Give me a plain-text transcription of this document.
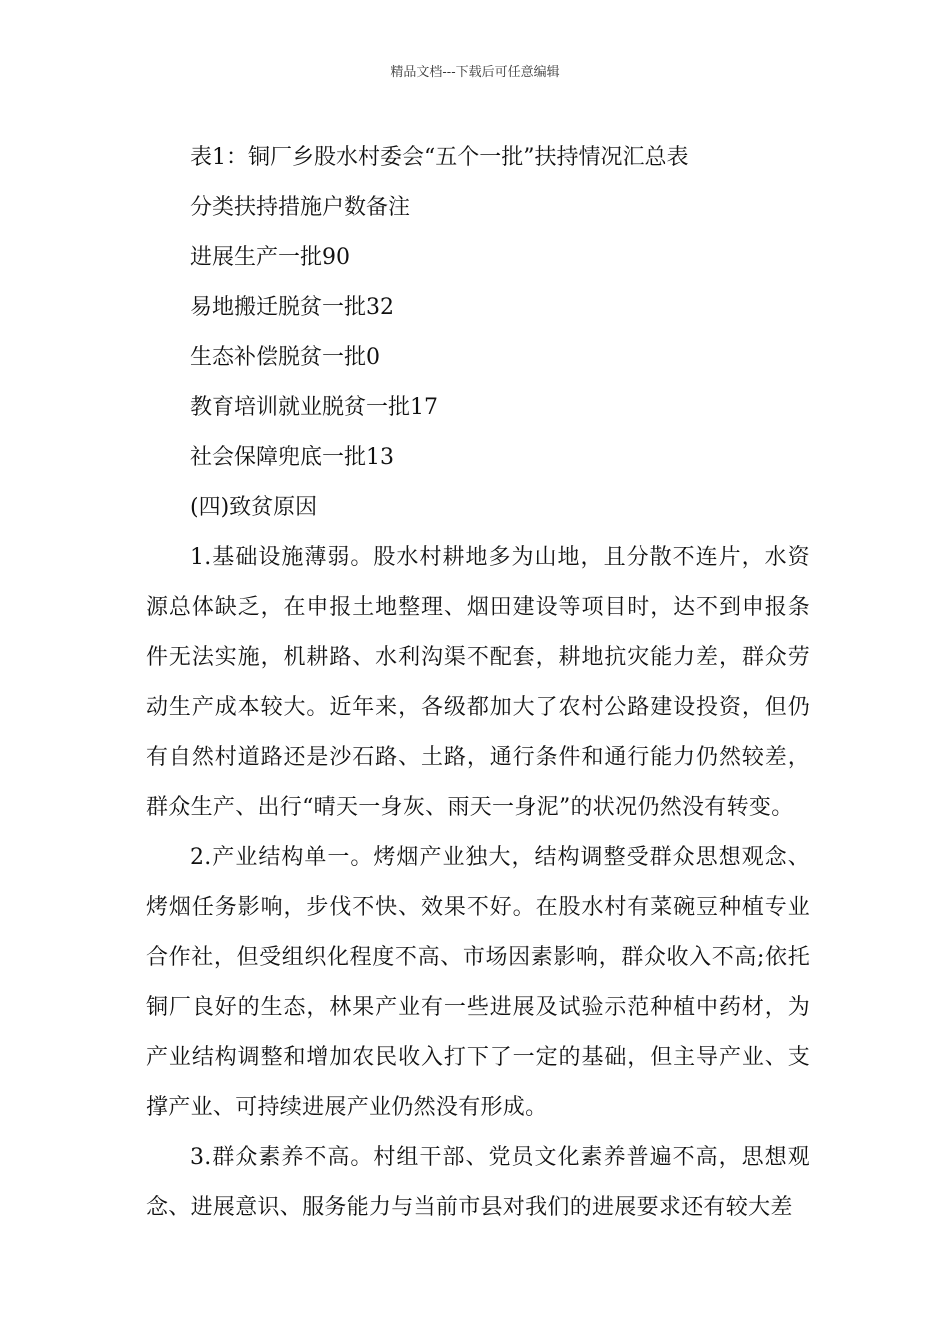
精品文档---下载后可任意编辑

表1：铜厂乡股水村委会“五个一批”扶持情况汇总表

分类扶持措施户数备注

进展生产一批90

易地搬迁脱贫一批32

生态补偿脱贫一批0

教育培训就业脱贫一批17

社会保障兜底一批13

(四)致贫原因

1.基础设施薄弱。股水村耕地多为山地，且分散不连片，水资源总体缺乏，在申报土地整理、烟田建设等项目时，达不到申报条件无法实施，机耕路、水利沟渠不配套，耕地抗灾能力差，群众劳动生产成本较大。近年来，各级都加大了农村公路建设投资，但仍有自然村道路还是沙石路、土路，通行条件和通行能力仍然较差，群众生产、出行“晴天一身灰、雨天一身泥”的状况仍然没有转变。

2.产业结构单一。烤烟产业独大，结构调整受群众思想观念、烤烟任务影响，步伐不快、效果不好。在股水村有菜碗豆种植专业合作社，但受组织化程度不高、市场因素影响，群众收入不高;依托铜厂良好的生态，林果产业有一些进展及试验示范种植中药材，为产业结构调整和增加农民收入打下了一定的基础，但主导产业、支撑产业、可持续进展产业仍然没有形成。

3.群众素养不高。村组干部、党员文化素养普遍不高，思想观念、进展意识、服务能力与当前市县对我们的进展要求还有较大差
